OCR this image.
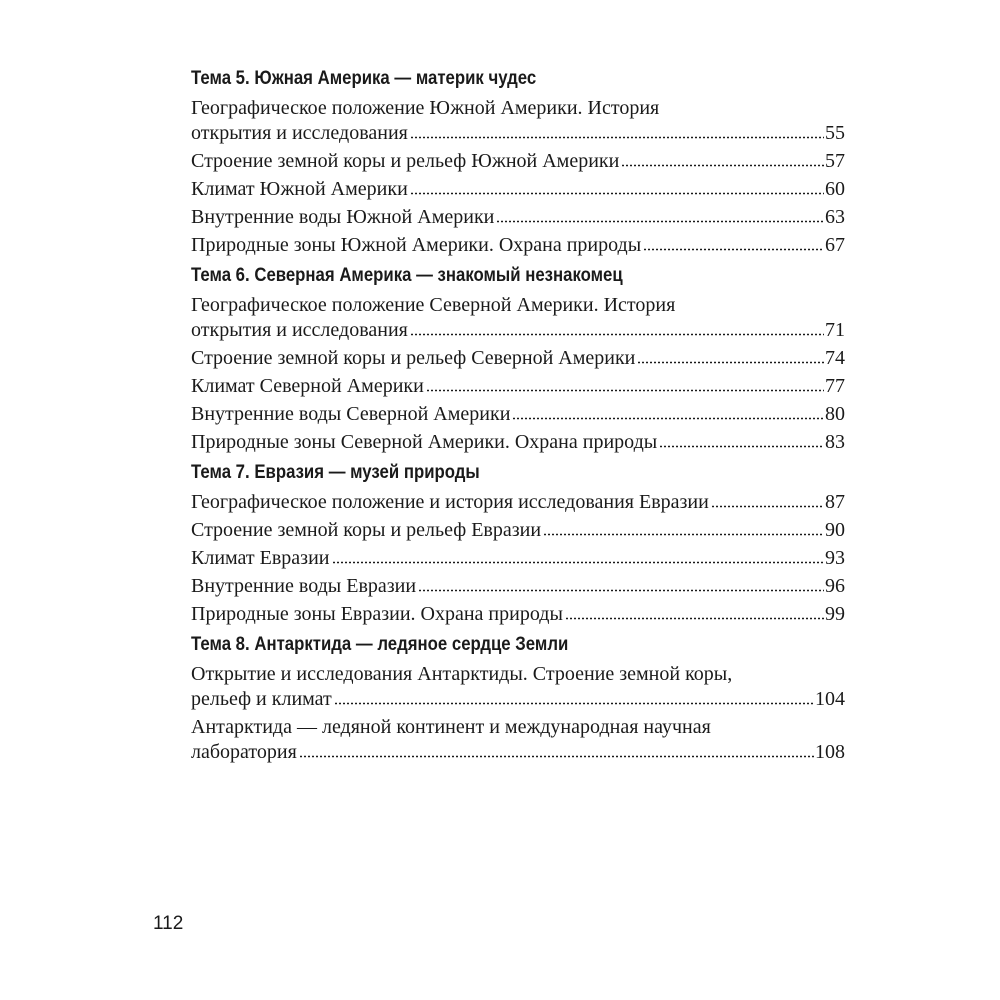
Тема 5. Южная Америка — материк чудес
Географическое положение Южной Америки. История
открытия и исследования	55
Строение земной коры и рельеф Южной Америки	57
Климат Южной Америки	60
Внутренние воды Южной Америки	63
Природные зоны Южной Америки. Охрана природы	67
Тема 6. Северная Америка — знакомый незнакомец
Географическое положение Северной Америки. История
открытия и исследования	71
Строение земной коры и рельеф Северной Америки	74
Климат Северной Америки	77
Внутренние воды Северной Америки	80
Природные зоны Северной Америки. Охрана природы	83
Тема 7. Евразия — музей природы
Географическое положение и история исследования Евразии	87
Строение земной коры и рельеф Евразии	90
Климат Евразии	93
Внутренние воды Евразии	96
Природные зоны Евразии. Охрана природы	99
Тема 8. Антарктида — ледяное сердце Земли
Открытие и исследования Антарктиды. Строение земной коры,
рельеф и климат	104
Антарктида — ледяной континент и международная научная
лаборатория	108
112
